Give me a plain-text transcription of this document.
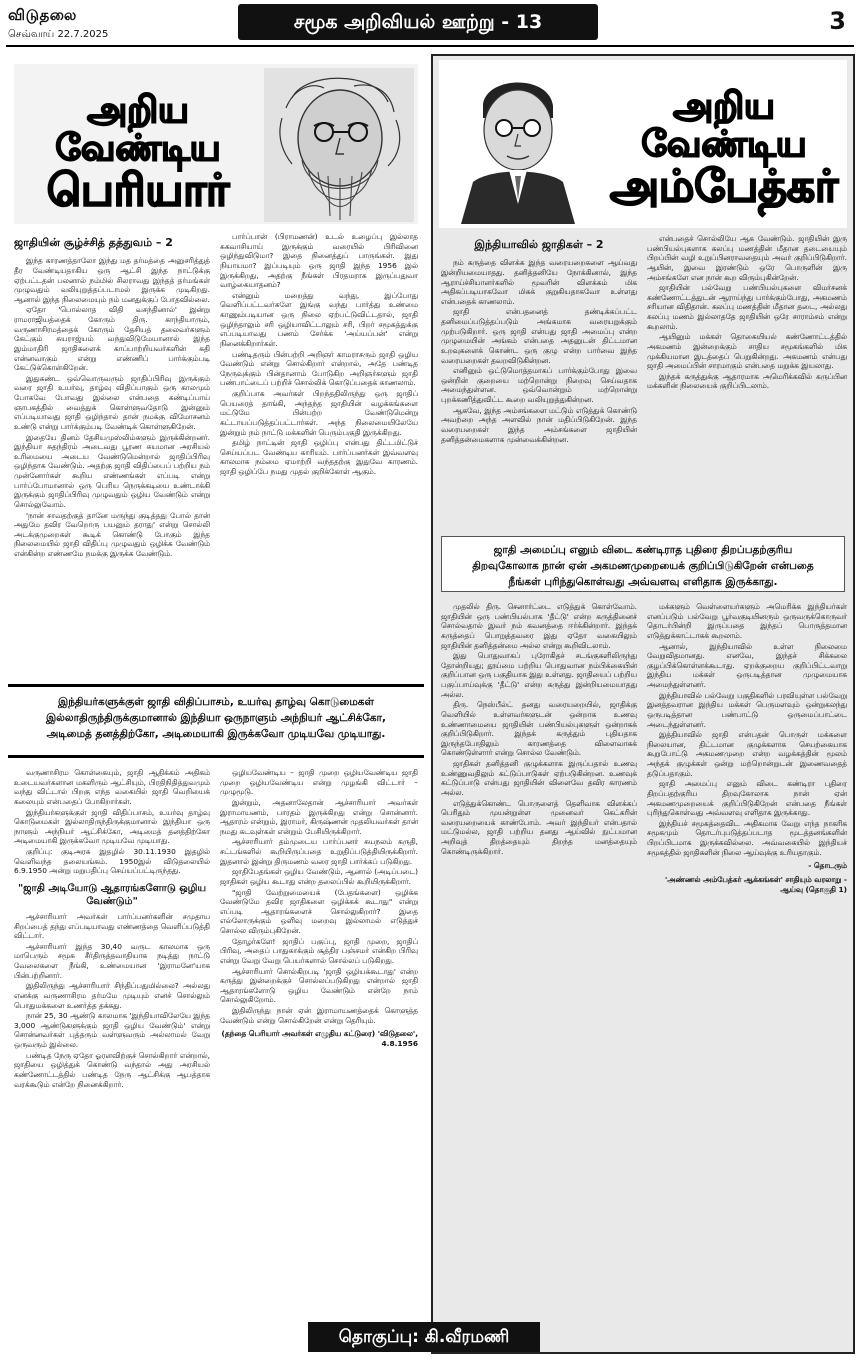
விடுதலை
செவ்வாய் 22.7.2025
சமூக அறிவியல் ஊற்று - 13	3
அறிய வேண்டிய
பெரியார்
ஜாதியின் சூழ்ச்சித் தத்துவம் – 2

இந்த காரணத்தாலோ இந்து மத தர்மத்தை அனுசரித்துத் தீர வேண்டியதாகிய ஒரு ஆட்சி இந்த நாட்டுக்கு ஏற்பட்டதன் பலனால் நம்மில் சிலராவது இந்தத் தர்மங்கள் முழுவதும் வலியுறுத்தப்படாமல் இருக்க முடிகிறது. ஆனால் இந்த நிலைமையும் நம் மனதுக்குப் போதவில்லை.

ஏதோ 'பொல்லாத விதி வசந்தினால்' இன்று ராமராஜியத்தைக் கோரும் திரு. காந்தியாரும், வருணாசிரமத்தைக் கோரும் தேசியத் தலைவர்களும் கேட்கும் சுயராஜ்யம் வந்துவிடுமேயானால் இந்த இம்மாதிரி ஜாதிகளைக் காப்பாற்றியவர்களின் கதி என்னவாகும் என்று எண்ணிப் பார்க்கும்படி கேட்டுக்கொள்கிறேன்.

இதுகண்ட ஒவ்வொருவரும் ஜாதிப்பிரிவு இருக்கும் வரை ஜாதி உயர்வு, தாழ்வு விதிப்பாகும் ஒரு காலமும் போகவே போவது இல்லை என்பதை கண்டிப்பாய் ஞாபகத்தில் வைத்துக் கொள்ளுவதோடு இன்னும் எப்படியாவது ஜாதி ஒழிந்தால் தான் நமக்கு விமோசனம் உண்டு என்று பார்க்கும்படி வேண்டிக் கொள்ளுகிறேன்.

இதையே தினம் தேசியமுஸ்லிம்களும் இருக்கின்றனர். இந்தியா சுதந்திரம் அடைவது பூரண சுயமான அரசியல் உரிமையை அடைய வேண்டுமென்றால் ஜாதிப்பிரிவு ஒழிந்தாக வேண்டும். அதற்கு ஜாதி விதிப்பைப் பற்றிய நம் முன்னோர்கள் கூறிய எண்ணங்கள் எப்படி என்று பார்ப்போமானால் ஒரு பெரிய நெருக்கடியை உண்டாக்கி இருக்கும் ஜாதிப்பிரிவு முழுவதும் ஒழிய வேண்டும் என்று சொல்லுவோம்.

'நான் சாவதற்குத் தானே மருந்து குடித்தது போல் தான் அதுமே தவிர வேறொரு பயனும் தராது' என்று சொல்லி அடக்குமுறைகள் கூடிக் கொண்டு போகும் இந்த நிலைமையில் ஜாதி விதிப்பு முழுவதும் ஒழிக்க வேண்டும் என்கின்ற எண்ணமே நமக்கு இருக்க வேண்டும்.

பார்ப்பான் (பிராமணன்) உடல் உழைப்பு இல்லாத சுகவாசியாய் இருக்கும் வரையில் பிரிவினை ஒழிந்துவிடுமா? இதை நினைத்துப் பாருங்கள். இது நியாயமா? இப்படியும் ஒரு ஜாதி இந்த 1956 இல் இருக்கிறது, அதற்கு நீங்கள் பிரதமராக இருப்பதுவா வாழ்கையாதனம்?

என்னும் மறைத்து வந்து, இப்போது வெளிப்பட்டவர்களே இங்கு வந்து பார்த்து உண்மை காணும்படியான ஒரு நிலை ஏற்பட்டுவிட்டதால், ஜாதி ஒழிந்தாலும் சரி ஒழியாவிட்டாலும் சரி, பிறர் சமூகத்துக்கு எப்படியாவது பணம் சேர்க்க 'அய்யப்பன்' என்று நினைக்கிறார்கள்.

பண்டிதரும் பின்பற்றி அறிஞர் காமராசரும் ஜாதி ஒழிய வேண்டும் என்று சொல்கிறார் என்றால், அதே பண்டித நேருவுக்கும் பின்தானாம் போடுகிற அறிஞர்களும் ஜாதி பண்பாட்டைப் பற்றிச் சொல்லிக் கொடுப்பதைக் காணலாம்.

குறிப்பாக அவர்கள் பிறந்ததிலிருந்து ஒரு ஜாதிப் பெயரைத் தாங்கி, அந்தந்த ஜாதியின் வழக்கங்களை மட்டுமே பின்பற்ற வேண்டுமென்று கட்டாயப்படுத்தப்பட்டார்கள். அந்த நிலைமையிலேயே இன்றும் நம் நாட்டு மக்களின் பெரும்பகுதி இருக்கிறது.

தமிழ் நாட்டின் ஜாதி ஒழிப்பு என்பது திட்டமிட்டுச் செய்யப்பட வேண்டிய காரியம். பார்ப்பனர்கள் இவ்வளவு காலமாக நம்மை ஏமாற்றி வந்ததற்கு இதுவே காரணம். ஜாதி ஒழிப்பே நமது முதல் குறிக்கோள் ஆகும்.

இந்தியர்களுக்குள் ஜாதி விதிப்பாசம், உயர்வு தாழ்வு கொடுமைகள்
இல்லாதிருந்திருக்குமானால் இந்தியா ஒருநாளும் அந்நியர் ஆட்சிக்கோ,
அடிமைத் தனத்திற்கோ, அடிமையாகி இருக்கவோ முடியவே முடியாது.

வருணாசிரம கொள்கையும், ஜாதி ஆதிக்கம் அதிகம் உடையவர்களான மகளிரும் ஆட்சியும், பிரதிநிதித்துவமும் வந்து விட்டால் பிறகு எந்த வகையில் ஜாதி வெறியைக் கலையும் என்பதைப் போகிறார்கள்.

இந்தியர்களுக்குள் ஜாதி விதிப்பாசம், உயர்வு தாழ்வு கொடுமைகள் இல்லாதிருந்திருக்குமானால் இந்தியா ஒரு நாளும் அந்நியர் ஆட்சிக்கோ, அடிமைத் தனத்திற்கோ அடிமையாகி இருக்கவோ முடியவே முடியாது.

குறிப்பு: குடிஅரசு இதழில் 30.11.1930 இதழில் வெளிவந்த தலையங்கம். 1950இல் விடுதலையில் 6.9.1950 அன்று மறுபதிப்பு செய்யப்பட்டிருந்தது.

"ஜாதி அடியோடு ஆதாரங்களோடு ஒழிய வேண்டும்"

ஆச்சாரியார் அவர்கள் பார்ப்பனர்களின் சமுதாய சிறப்பைத் தந்து எப்படியாவது எண்ணத்தை வெளிப்படுத்தி விட்டார்.

ஆச்சாரியார் இந்த 30,40 வருட காலமாக ஒரு மாபெரும் சமூக சீர்திருத்தவாதியாக நடித்து நாட்டு வேலைகளை நீங்கி, உண்மையான 'இராமனே'யாக பின்பற்றினார்.

இதிலிருந்து ஆச்சாரியார் சிந்திப்பதுமில்லை? அல்லது எனக்கு வருணாசிரம தர்மமே முடியும் எனச் சொல்லும் பொதுமக்களை உணர்த்த தக்கது.

நான் 25, 30 ஆண்டு காலமாக 'இந்தியாவிலேயே இந்த 3,000 ஆண்டுகளுக்கும் ஜாதி ஒழிய வேண்டும்' என்று சொன்னவர்கள் புத்தரும் வள்ளுவரும் அல்லாமல் வேறு ஒருவரும் இல்லை.

பண்டித நேரு ஏதோ ஓரளவிற்குச் சொல்கிறார் என்றால், ஜாதியை ஒழித்துக் கொண்டு வந்தால் அது அரசியல் கண்ணோட்டத்தில் பண்டித நேரு ஆட்சிக்கு ஆபத்தாக வரக்கூடும் என்றே நினைக்கிறார்.

ஒழியவேண்டிய – ஜாதி முறை ஒழியவேண்டிய ஜாதி முறை ஒழியவேண்டிய என்று முழங்கி விட்டார் – முழுமூடு.

இன்றும், அதனாலேதான் ஆச்சாரியார் அவர்கள் இராமாயணம், பாரதம் இருக்கிறது என்று சொன்னார். ஆதாரம் என்றும், இராமர், கிருஷ்ணன் முதலியவர்கள் தான் நமது கடவுள்கள் என்றும் பேசியிருக்கிறார்.

ஆச்சாரியார் தம்முடைய பார்ப்பனர் சுயநலம் கருதி, சட்டங்களில் கூறியிருப்பதை உறுதிப்படுத்தியிருக்கிறார். இதனால் இன்று திருமணம் வரை ஜாதி பார்க்கப் படுகிறது.

ஜாதிபேதங்கள் ஒழிய வேண்டும், ஆனால் (அடிப்படை) ஜாதிகள் ஒழிய கூடாது என்ற தலைப்பில் கூறியிருக்கிறார்.

"ஜாதி வேற்றுமையைக் (பேதங்களை) ஒழிக்க வேண்டுமே தவிர ஜாதிகளை ஒழிக்கக் கூடாது" என்று எப்படி ஆதாரங்களைச் சொல்லுகிறார்? இதை எல்லோருக்கும் ஒளிவு மறைவு இல்லாமல் எடுத்துச் சொல்ல விரும்புகிறேன்.

தோழர்களே! ஜாதிப் பகுப்பு, ஜாதி முறை, ஜாதிப் பிரிவு, அதைப் பாதுகாக்கும் சூத்திர பஞ்சமர் என்கிற பிரிவு என்று வேறு வேறு பெயர்களால் சொல்லப் படுகிறது.

ஆச்சாரியார் சொல்கிறபடி 'ஜாதி ஒழியக்கூடாது' என்ற கருத்து இன்றைக்குச் சொல்லப்படுகிறது என்றால் ஜாதி ஆதாரங்களோடு ஒழிய வேண்டும் என்றே நாம் சொல்லுகிறோம்.

இதிலிருந்து நான் ஏன் இராமாயணத்தைக் கொளுத்த வேண்டும் என்று சொல்கிறேன் என்று தெரியும்.

(தந்தை பெரியார் அவர்கள் எழுதிய கட்டுரை) 'விடுதலை', 4.8.1956
அறிய வேண்டிய
அம்பேத்கர்
இந்தியாவில் ஜாதிகள் – 2

நம் கருத்தை விளக்க இந்த வரையறைகளை ஆய்வது இன்றியமையாதது. தனித்தனியே நோக்கினால், இந்த ஆராய்ச்சியாளர்களில் மூவரின் விளக்கம் மிக அதிகப்படியாகவோ மிகக் குறுகியதாகவோ உள்ளது என்பதைக் காணலாம்.

ஜாதி என்பதனைத் தண்டிக்கப்பட்ட தனிமைப்படுத்தப்படும் அங்கமாக வரையறுக்கும் முற்படுகிறார். ஒரு ஜாதி என்பது ஜாதி அமைப்பு என்ற முழுமையின் அங்கம் என்பதை அதனுடன் திட்டமான உறவுகளைக் கொண்ட ஒரு குழு என்ற பார்வை இந்த வரையறைகள் தவறவிடுகின்றன.

எனினும் ஒட்டுமொத்தமாகப் பார்க்கும்போது இவை ஒன்றின் குறையை மற்றொன்று நிறைவு செய்வதாக அமைந்துள்ளன. ஒவ்வொன்றும் மற்றொன்று புறக்கணித்துவிட்ட கூறை வலியுறுத்துகின்றன.

ஆகவே, இந்த அம்சங்களை மட்டும் எடுத்துக் கொண்டு அவற்றை அந்த அளவில் நான் மதிப்பிடுகிறேன். இந்த வரையறைகள் இந்த அம்சங்களை ஜாதியின் தனித்தன்மைகளாக முன்வைக்கின்றன.

என்பதைச் சொல்லியே ஆக வேண்டும். ஜாதியின் இரு பண்பியல்புகளாக கலப்பு மணத்தின் மீதான தடையையும் பிறப்பின் வழி உறுப்பினராவதையும் அவர் குறிப்பிடுகிறார். ஆயின், இவை இரண்டும் ஒரே பொருளின் இரு அம்சங்களே என நான் கூற விரும்புகின்றேன்.

ஜாதியின் பல்வேறு பண்பியல்புகளை விமர்சனக் கண்ணோட்டத்துடன் ஆராய்ந்து பார்க்கும்போது, அகமணம் சரியான விதிதான். கலப்பு மணத்தின் மீதான தடை, அல்லது கலப்பு மணம் இல்லாததே ஜாதியின் ஒரே சாராம்சம் என்று கூறலாம்.

ஆயினும் மக்கள் தொகையியல் கண்ணோட்டத்தில் அகமணம் இன்றைக்கும் சாதிய சமூகங்களில் மிக முக்கியமான இடத்தைப் பெறுகின்றது. அகமணம் என்பது ஜாதி அமைப்பின் சாரமாகும் என்பதை மறுக்க இயலாது.

இந்தக் கருத்துக்கு ஆதாரமாக அமெரிக்கவில் கருப்பின மக்களின் நிலையைக் குறிப்பிடலாம்.

ஜாதி அமைப்பு எனும் விடை கண்டிராத புதிரை திறப்பதற்குரிய
திறவுகோலாக நான் ஏன் அகமணமுறையைக் குறிப்பிடுகிறேன் என்பதை
நீங்கள் புரிந்துகொள்வது அவ்வளவு எளிதாக இருக்காது.

முதலில் திரு. செனார்ட்டை எடுத்துக் கொள்வோம். ஜாதியின் ஒரு பண்பியல்பாக 'தீட்டு' என்ற கருத்தினைச் சொல்வதால் இவர் நம் கவனத்தை ஈர்க்கின்றார். இந்தக் கருத்தைப் பொறுத்தவரை இது ஏதோ வகையிலும் ஜாதியின் தனித்தன்மை அல்ல என்று கூறிவிடலாம்.

இது பொதுவாகப் புரோகிதச் சடங்குகளிலிருந்து தோன்றியது; தூய்மை பற்றிய பொதுவான நம்பிக்கையின் குறிப்பான ஒரு பகுதியாக இது உள்ளது. ஜாதியைப் பற்றிய பகுப்பாய்வுக்கு 'தீட்டு' என்ற கருத்து இன்றியமையாதது அல்ல.

திரு. நெஸ்பீல்ட் தனது வரையறையில், ஜாதிக்கு வெளியில் உள்ளவர்களுடன் ஒன்றாக உணவு உண்ணாமையை ஜாதியின் பண்பியல்புகளுள் ஒன்றாகக் குறிப்பிடுகிறார். இந்தக் கருத்தும் புதியதாக இருந்தபோதிலும் காரணத்தை விளைவாகக் கொண்டுள்ளார் என்று சொல்ல வேண்டும்.

ஜாதிகள் தனித்தனி குழுக்களாக இருப்பதால் உணவு உண்ணுவதிலும் கட்டுப்பாடுகள் ஏற்படுகின்றன. உணவுக் கட்டுப்பாடு என்பது ஜாதியின் விளைவே தவிர காரணம் அல்ல.

எடுத்துக்கொண்ட பொருளைத் தெளிவாக விளக்கப் பெரிதும் முயன்றுள்ள முனைவர் கெட்கரின் வரையறையைக் காண்போம். அவர் இந்தியர் என்பதால் மட்டுமல்ல, ஜாதி பற்றிய தனது ஆய்வில் நுட்பமான அறிவுத் திறத்தையும் திறந்த மனத்தையும் கொண்டிருக்கிறார்.

மக்களும் வெள்ளையர்களும் அமெரிக்க இந்தியர்கள் எனப்படும் பல்வேறு பூர்வகுடியினரும் ஒருவருக்கொருவர் தொடர்பின்றி இருப்பதை இந்தப் பொருத்தமான எடுத்துக்காட்டாகக் கூறலாம்.

ஆனால், இந்தியாவில் உள்ள நிலைமை வேறுவிதமானது. எனவே, இந்தச் சிக்கலை குழப்பிக்கொள்ளக்கூடாது. ஏறக்குறைய குறிப்பிட்டவாறு இந்திய மக்கள் ஒருபடித்தான முழுமையாக அமைந்துள்ளனர்.

இந்தியாவில் பல்வேறு பகுதிகளில் பரவியுள்ள பல்வேறு இனத்தவரான இந்திய மக்கள் பெருமளவும் ஒன்றுகலந்து ஒருபடித்தான பண்பாட்டு ஒருமைப்பாட்டை அடைந்துள்ளனர்.

இத்தியாவில் ஜாதி என்பதன் பொருள் மக்களை நிலையான, திட்டமான குழுக்களாக செயற்கையாக கூறுபோட்டு அகமணமுறை என்ற வழக்கத்தின் மூலம் அந்தக் குழுக்கள் ஒன்று மற்றொன்றுடன் இணைவதைத் தடுப்பதாகும்.

ஜாதி அமைப்பு எனும் விடை கண்டிரா புதிரை திறப்பதற்குரிய திறவுகோலாக நான் ஏன் அகமணமுறையைக் குறிப்பிடுகிறேன் என்பதை நீங்கள் புரிந்துகொள்வது அவ்வளவு எளிதாக இருக்காது.

இந்தியச் சமூகத்தைவிட அதிகமாக வேறு எந்த நாகரிக சமூகமும் தொடர்புபடுத்தப்படாத மூடத்தனங்களின் பிறப்பிடமாக இருக்கவில்லை. அவ்வகையில் இந்தியச் சமூகத்தில் ஜாதிகளின் நிலை ஆய்வுக்கு உரியதாகும்.

- தொடரும்
'அண்ணல் அம்பேத்கர் ஆக்கங்கள்' சாதியும் வரலாறு - ஆய்வு (தொகுதி 1)
தொகுப்பு: கி.வீரமணி
